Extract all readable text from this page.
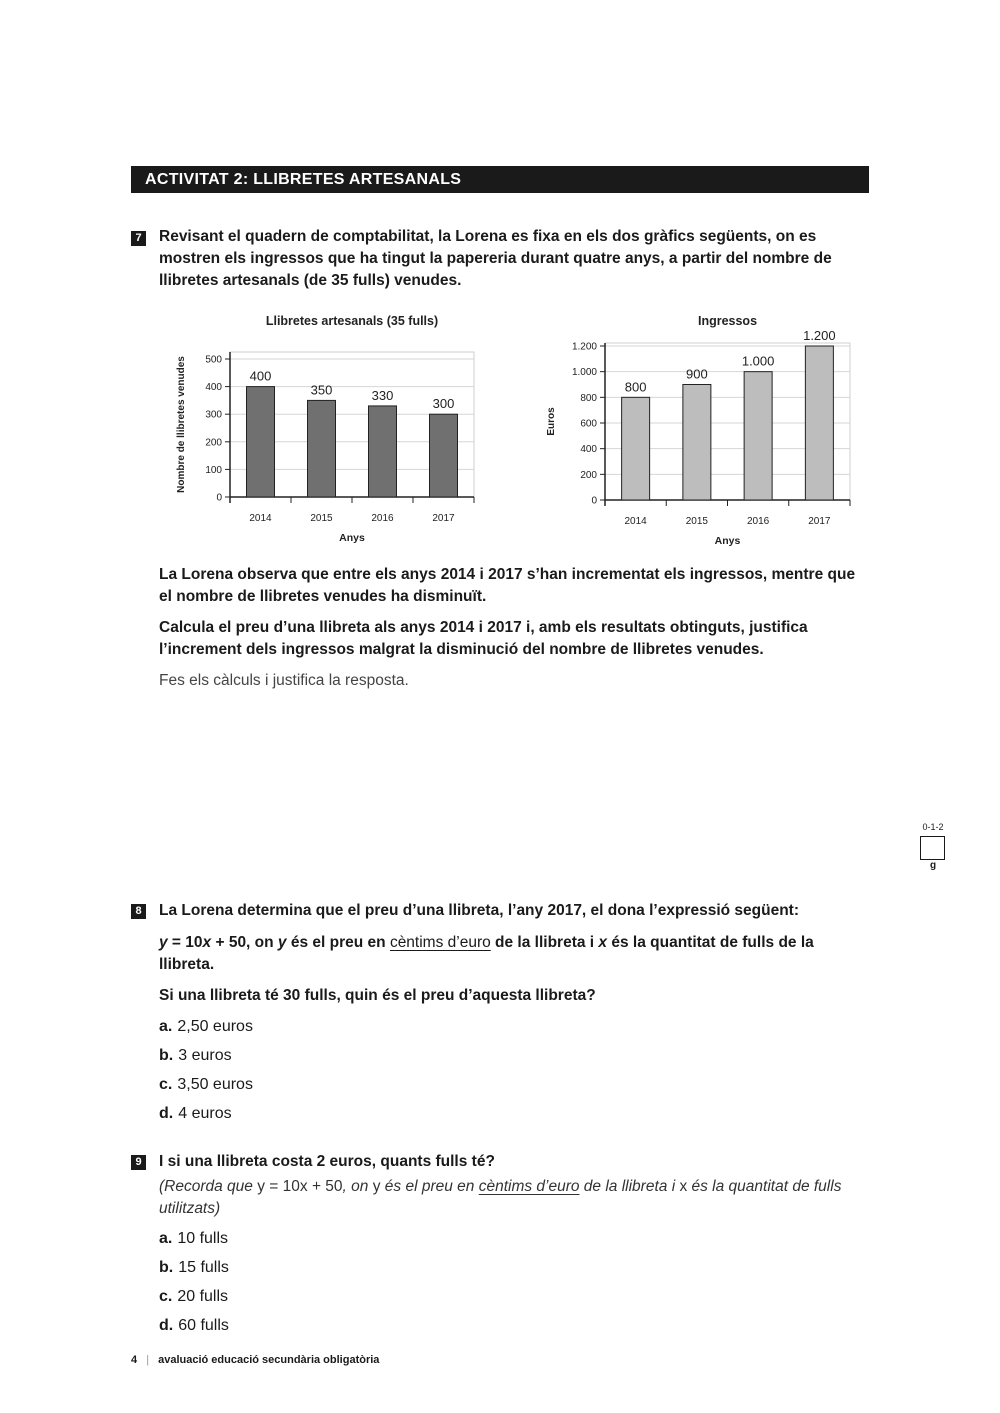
ACTIVITAT 2: LLIBRETES ARTESANALS
7 Revisant el quadern de comptabilitat, la Lorena es fixa en els dos gràfics següents, on es mostren els ingressos que ha tingut la papereria durant quatre anys, a partir del nombre de llibretes artesanals (de 35 fulls) venudes.
0
100
200
300
400
500
400
2014
350
2015
330
2016
300
2017
Llibretes artesanals (35 fulls)
Anys
Nombre de llibretes venudes
0
200
400
600
800
1.000
1.200
800
2014
900
2015
1.000
2016
1.200
2017
Ingressos
Anys
Euros
La Lorena observa que entre els anys 2014 i 2017 s’han incrementat els ingressos, mentre que el nombre de llibretes venudes ha disminuït.
Calcula el preu d’una llibreta als anys 2014 i 2017 i, amb els resultats obtinguts, justifica l’increment dels ingressos malgrat la disminució del nombre de llibretes venudes.
Fes els càlculs i justifica la resposta.
0-1-2
g
8 La Lorena determina que el preu d’una llibreta, l’any 2017, el dona l’expressió següent:
y = 10x + 50, on y és el preu en cèntims d’euro de la llibreta i x és la quantitat de fulls de la llibreta.
Si una llibreta té 30 fulls, quin és el preu d’aquesta llibreta?
a. 2,50 euros
b. 3 euros
c. 3,50 euros
d. 4 euros
9 I si una llibreta costa 2 euros, quants fulls té?
(Recorda que y = 10x + 50, on y és el preu en cèntims d’euro de la llibreta i x és la quantitat de fulls utilitzats)
a. 10 fulls
b. 15 fulls
c. 20 fulls
d. 60 fulls
4 | avaluació educació secundària obligatòria
